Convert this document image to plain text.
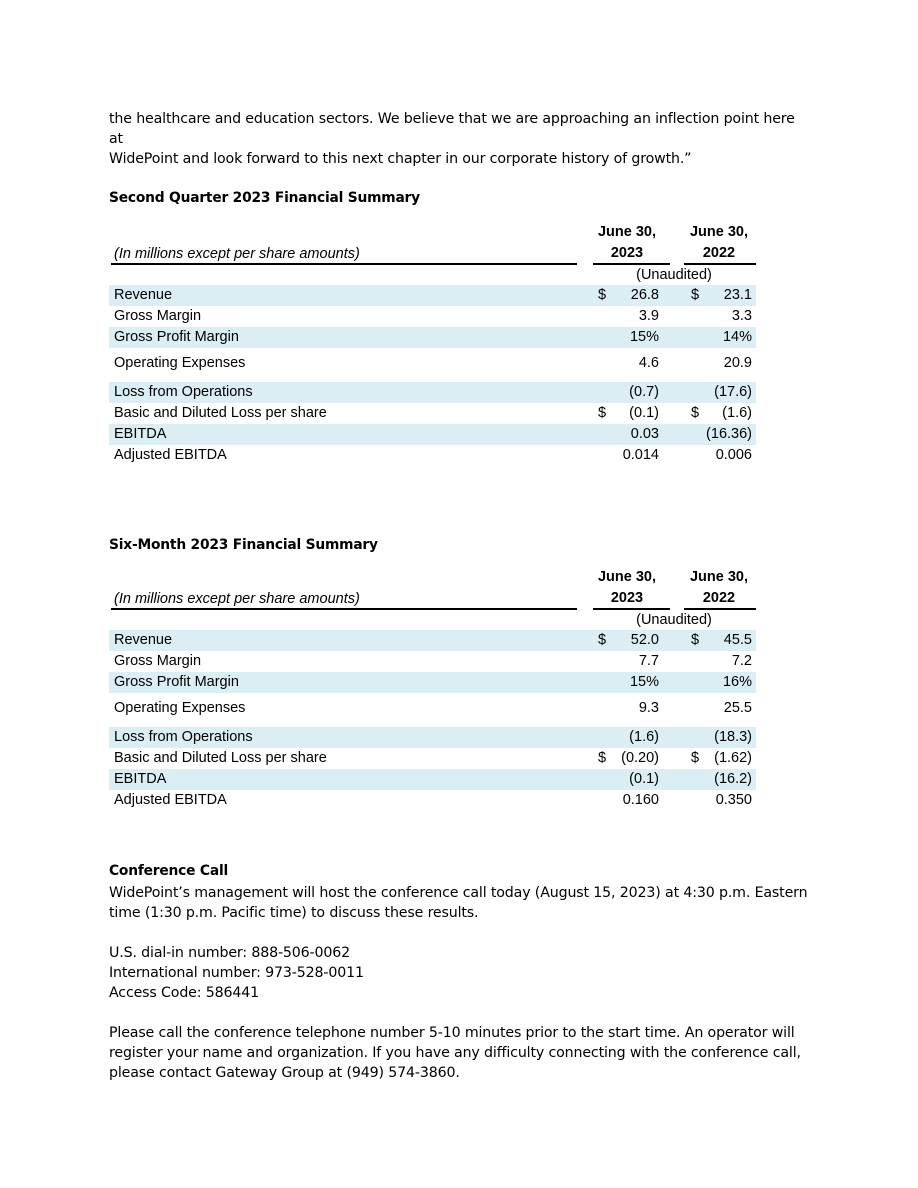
the healthcare and education sectors. We believe that we are approaching an inflection point here at
WidePoint and look forward to this next chapter in our corporate history of growth.”
Second Quarter 2023 Financial Summary
June 30,
2023
June 30,
2022
(In millions except per share amounts)
(Unaudited)
Revenue	$	26.8 $	23.1
Gross Margin	3.9	3.3
Gross Profit Margin	15%	14%
Operating Expenses	4.6	20.9
Loss from Operations	(0.7)	(17.6)
Basic and Diluted Loss per share	$	(0.1) $	(1.6)
EBITDA	0.03	(16.36)
Adjusted EBITDA	0.014	0.006
Six-Month 2023 Financial Summary
June 30,
2023
June 30,
2022
(In millions except per share amounts)
(Unaudited)
Revenue	$	52.0 $	45.5
Gross Margin	7.7	7.2
Gross Profit Margin	15%	16%
Operating Expenses	9.3	25.5
Loss from Operations	(1.6)	(18.3)
Basic and Diluted Loss per share	$	(0.20) $	(1.62)
EBITDA	(0.1)	(16.2)
Adjusted EBITDA	0.160	0.350
Conference Call
WidePoint’s management will host the conference call today (August 15, 2023) at 4:30 p.m. Eastern
time (1:30 p.m. Pacific time) to discuss these results.
U.S. dial-in number: 888-506-0062
International number: 973-528-0011
Access Code: 586441
Please call the conference telephone number 5-10 minutes prior to the start time. An operator will
register your name and organization. If you have any difficulty connecting with the conference call,
please contact Gateway Group at (949) 574-3860.
